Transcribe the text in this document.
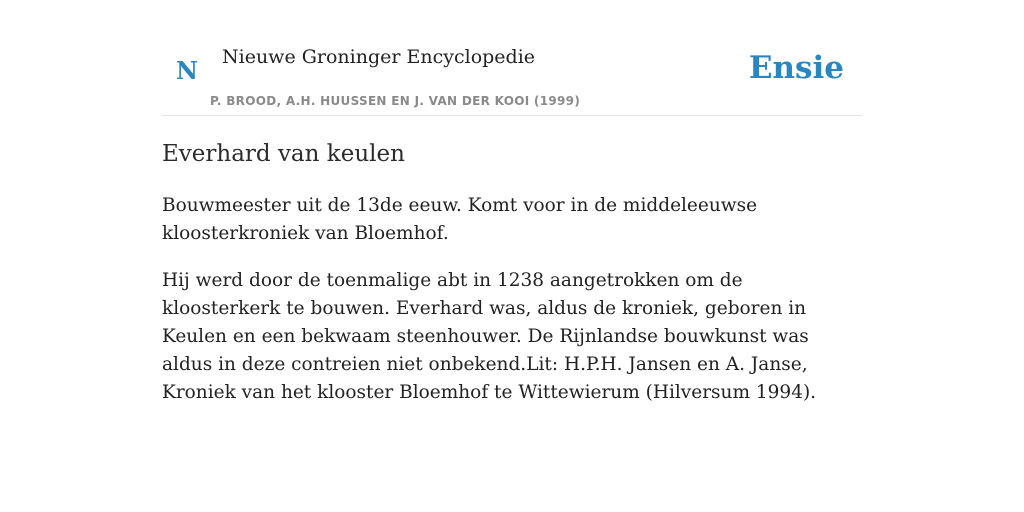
N Nieuwe Groninger Encyclopedie
P. BROOD, A.H. HUUSSEN EN J. VAN DER KOOI (1999)
Ensie
Everhard van keulen

Bouwmeester uit de 13de eeuw. Komt voor in de middeleeuwse kloosterkroniek van Bloemhof.

Hij werd door de toenmalige abt in 1238 aangetrokken om de kloosterkerk te bouwen. Everhard was, aldus de kroniek, geboren in Keulen en een bekwaam steenhouwer. De Rijnlandse bouwkunst was aldus in deze contreien niet onbekend.Lit: H.P.H. Jansen en A. Janse, Kroniek van het klooster Bloemhof te Wittewierum (Hilversum 1994).
